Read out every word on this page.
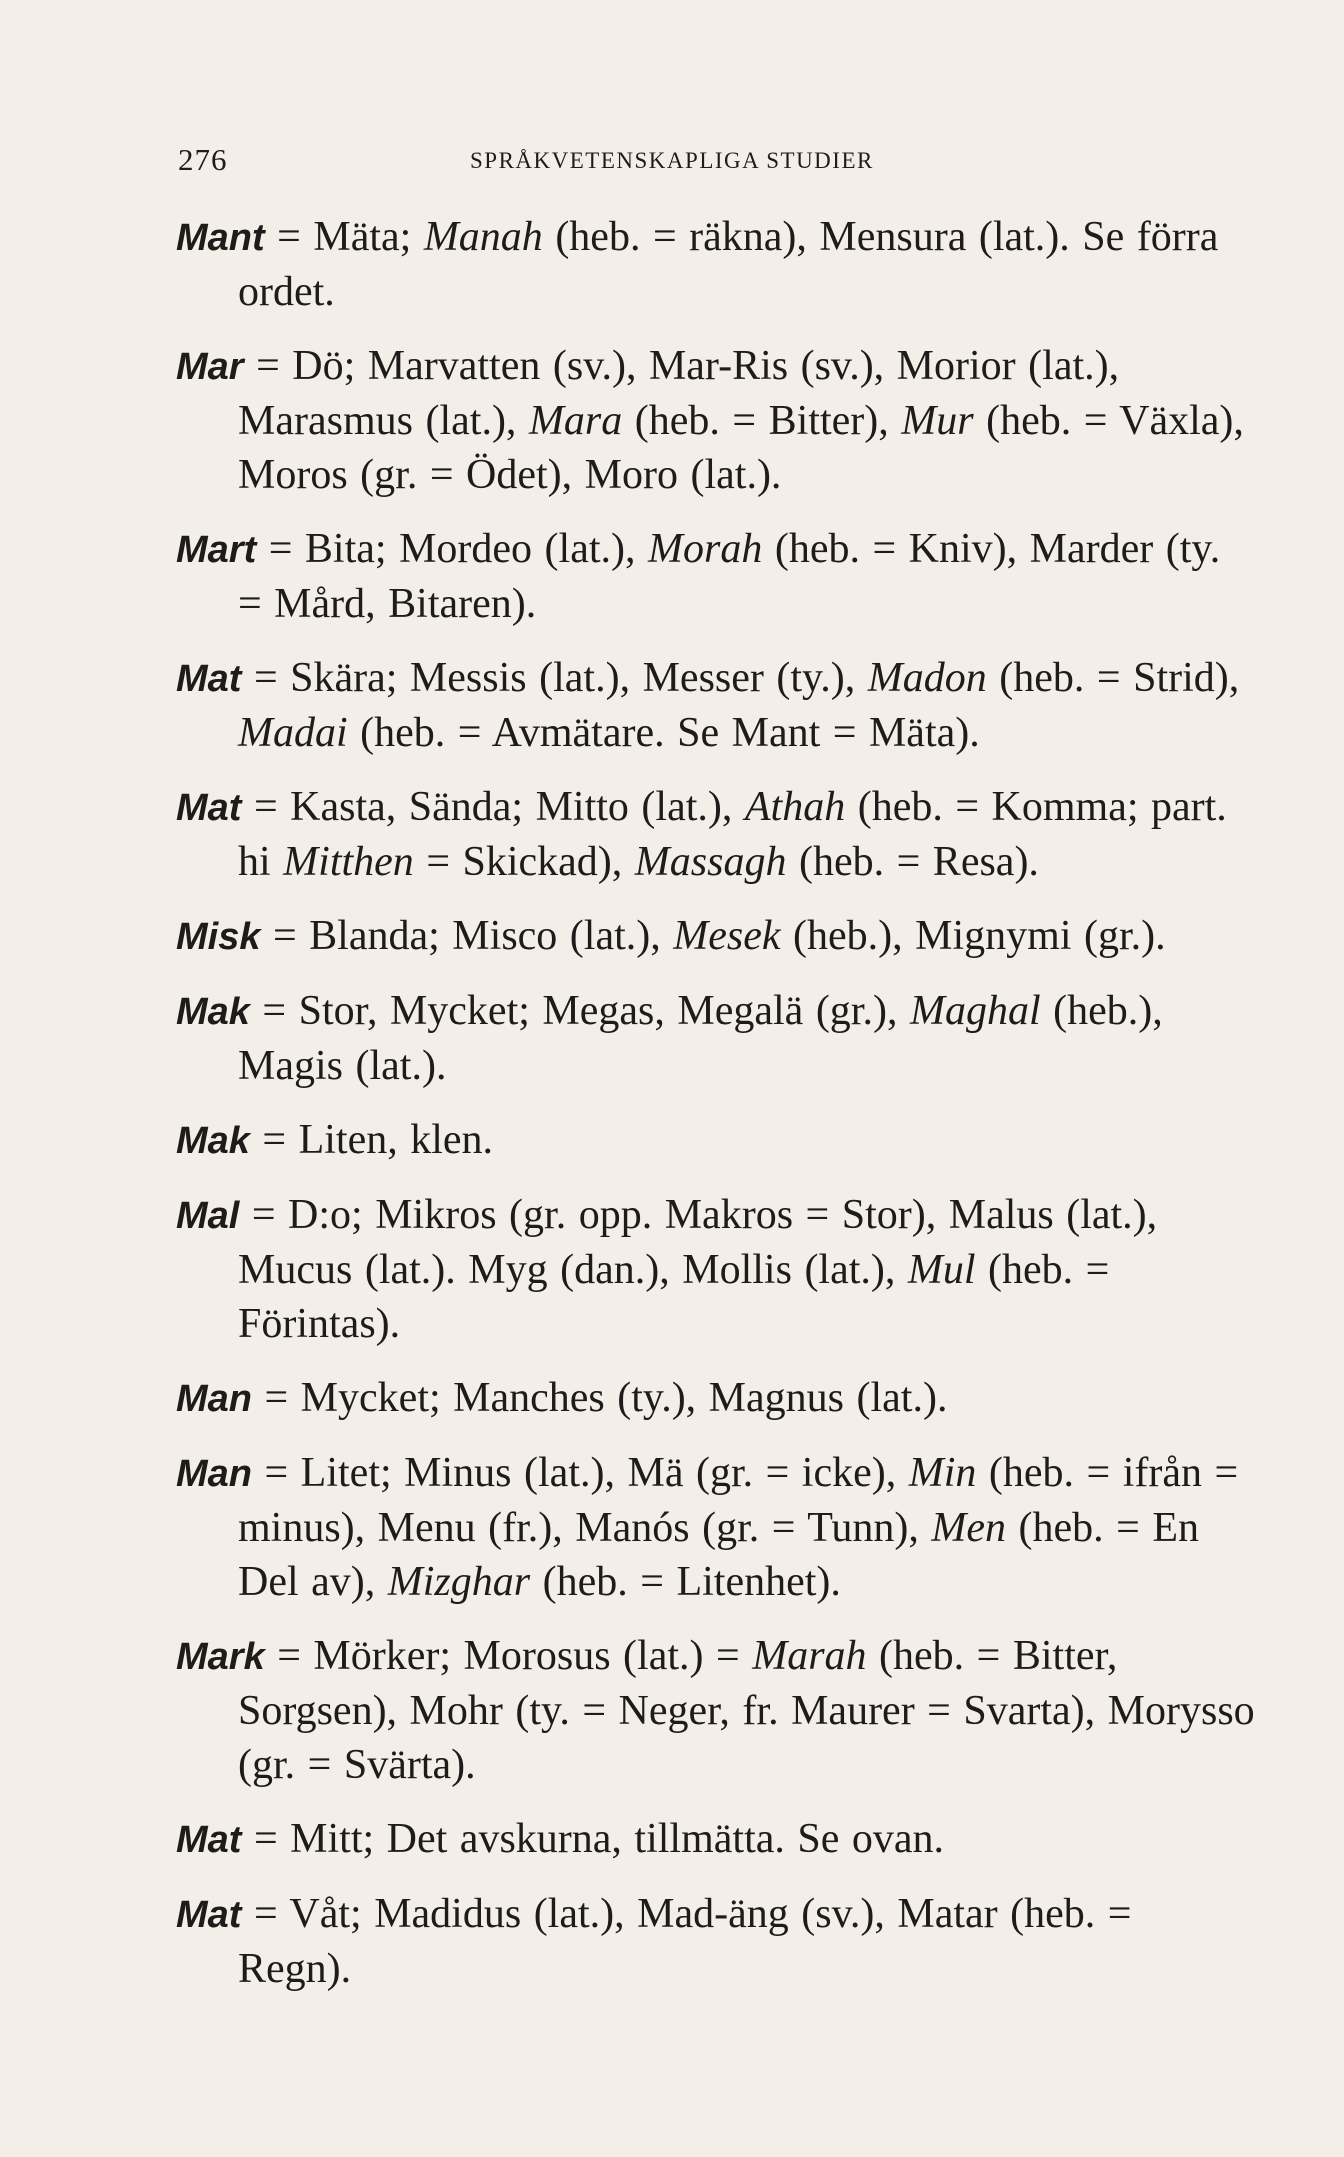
276	SPRÅKVETENSKAPLIGA STUDIER
Mant = Mäta; Manah (heb. = räkna), Mensura (lat.). Se förra ordet.
Mar = Dö; Marvatten (sv.), Mar-Ris (sv.), Morior (lat.), Marasmus (lat.), Mara (heb. = Bitter), Mur (heb. = Växla), Moros (gr. = Ödet), Moro (lat.).
Mart = Bita; Mordeo (lat.), Morah (heb. = Kniv), Marder (ty. = Mård, Bitaren).
Mat = Skära; Messis (lat.), Messer (ty.), Madon (heb. = Strid), Madai (heb. = Avmätare. Se Mant = Mäta).
Mat = Kasta, Sända; Mitto (lat.), Athah (heb. = Komma; part. hi Mitthen = Skickad), Massagh (heb. = Resa).
Misk = Blanda; Misco (lat.), Mesek (heb.), Mignymi (gr.).
Mak = Stor, Mycket; Megas, Megalä (gr.), Maghal (heb.), Magis (lat.).
Mak = Liten, klen.
Mal = D:o; Mikros (gr. opp. Makros = Stor), Malus (lat.), Mucus (lat.). Myg (dan.), Mollis (lat.), Mul (heb. = Förintas).
Man = Mycket; Manches (ty.), Magnus (lat.).
Man = Litet; Minus (lat.), Mä (gr. = icke), Min (heb. = ifrån = minus), Menu (fr.), Manós (gr. = Tunn), Men (heb. = En Del av), Mizghar (heb. = Litenhet).
Mark = Mörker; Morosus (lat.) = Marah (heb. = Bitter, Sorgsen), Mohr (ty. = Neger, fr. Maurer = Svarta), Morysso (gr. = Svärta).
Mat = Mitt; Det avskurna, tillmätta. Se ovan.
Mat = Våt; Madidus (lat.), Mad-äng (sv.), Matar (heb. = Regn).
